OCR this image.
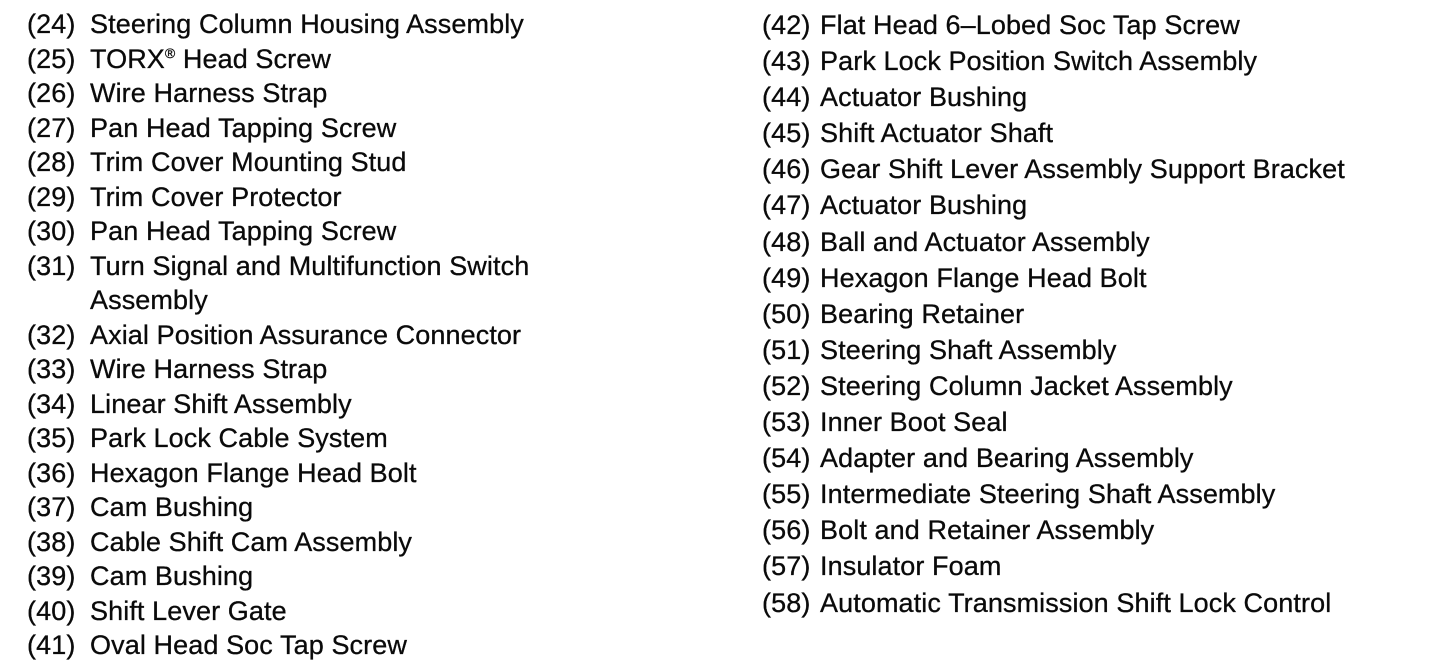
(24) Steering Column Housing Assembly
(25) TORX® Head Screw
(26) Wire Harness Strap
(27) Pan Head Tapping Screw
(28) Trim Cover Mounting Stud
(29) Trim Cover Protector
(30) Pan Head Tapping Screw
(31) Turn Signal and Multifunction Switch Assembly
(32) Axial Position Assurance Connector
(33) Wire Harness Strap
(34) Linear Shift Assembly
(35) Park Lock Cable System
(36) Hexagon Flange Head Bolt
(37) Cam Bushing
(38) Cable Shift Cam Assembly
(39) Cam Bushing
(40) Shift Lever Gate
(41) Oval Head Soc Tap Screw
(42) Flat Head 6–Lobed Soc Tap Screw
(43) Park Lock Position Switch Assembly
(44) Actuator Bushing
(45) Shift Actuator Shaft
(46) Gear Shift Lever Assembly Support Bracket
(47) Actuator Bushing
(48) Ball and Actuator Assembly
(49) Hexagon Flange Head Bolt
(50) Bearing Retainer
(51) Steering Shaft Assembly
(52) Steering Column Jacket Assembly
(53) Inner Boot Seal
(54) Adapter and Bearing Assembly
(55) Intermediate Steering Shaft Assembly
(56) Bolt and Retainer Assembly
(57) Insulator Foam
(58) Automatic Transmission Shift Lock Control
